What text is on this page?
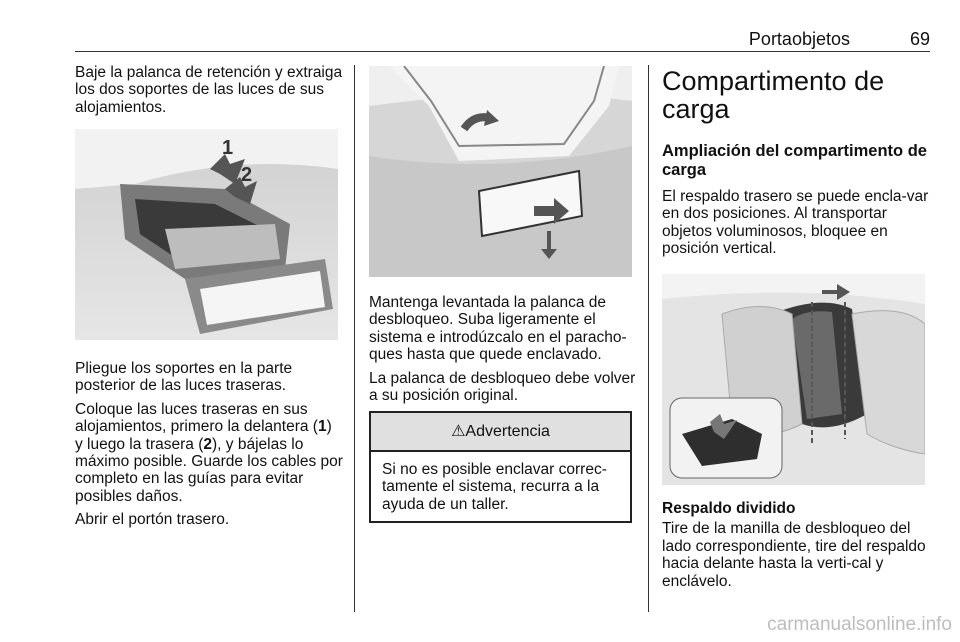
Portaobjetos	69

Baje la palanca de retención y extraiga los dos soportes de las luces de sus alojamientos.

1
2

Pliegue los soportes en la parte posterior de las luces traseras.

Coloque las luces traseras en sus alojamientos, primero la delantera (1) y luego la trasera (2), y bájelas lo máximo posible. Guarde los cables por completo en las guías para evitar posibles daños.

Abrir el portón trasero.

Mantenga levantada la palanca de desbloqueo. Suba ligeramente el sistema e introdúzcalo en el paracho-ques hasta que quede enclavado.

La palanca de desbloqueo debe volver a su posición original.

⚠Advertencia
Si no es posible enclavar correc-tamente el sistema, recurra a la ayuda de un taller.
Compartimento de carga
Ampliación del compartimento de carga

El respaldo trasero se puede encla-var en dos posiciones. Al transportar objetos voluminosos, bloquee en posición vertical.

Respaldo dividido

Tire de la manilla de desbloqueo del lado correspondiente, tire del respaldo hacia delante hasta la verti-cal y enclávelo.

carmanualsonline.info
